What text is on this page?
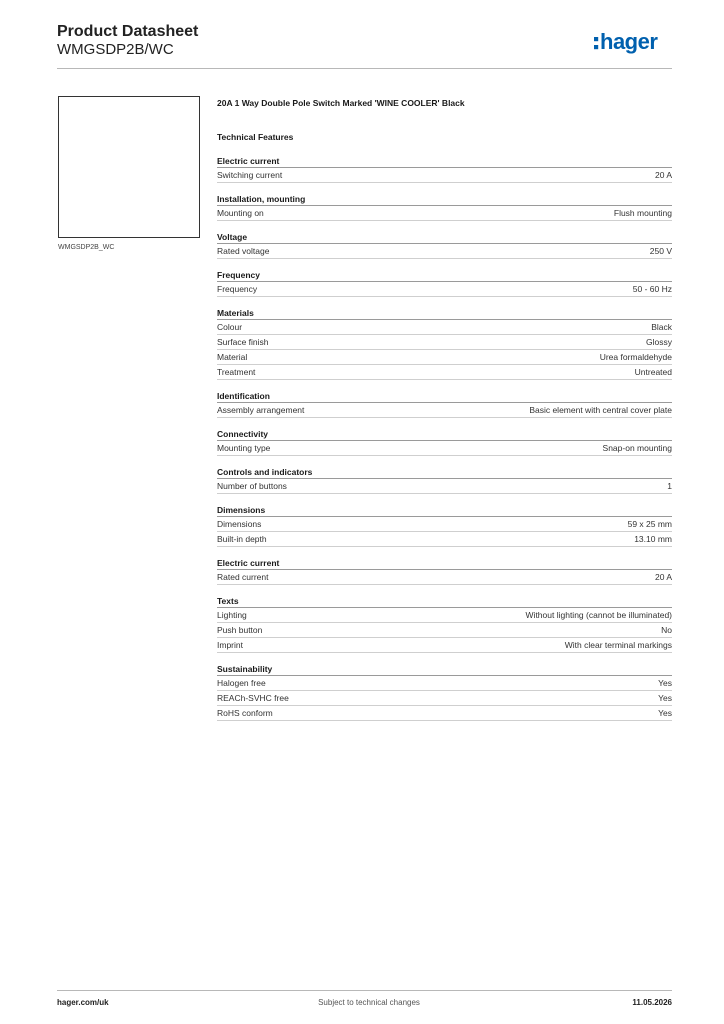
Product Datasheet
WMGSDP2B/WC	hager
WMGSDP2B_WC
20A 1 Way Double Pole Switch Marked 'WINE COOLER' Black
Technical Features
Electric current
Switching current	20 A
Installation, mounting
Mounting on	Flush mounting
Voltage
Rated voltage	250 V
Frequency
Frequency	50 - 60 Hz
Materials
Colour	Black
Surface finish	Glossy
Material	Urea formaldehyde
Treatment	Untreated
Identification
Assembly arrangement	Basic element with central cover plate
Connectivity
Mounting type	Snap-on mounting
Controls and indicators
Number of buttons	1
Dimensions
Dimensions	59 x 25 mm
Built-in depth	13.10 mm
Electric current
Rated current	20 A
Texts
Lighting	Without lighting (cannot be illuminated)
Push button	No
Imprint	With clear terminal markings
Sustainability
Halogen free	Yes
REACh-SVHC free	Yes
RoHS conform	Yes
hager.com/uk	Subject to technical changes	11.05.2026
